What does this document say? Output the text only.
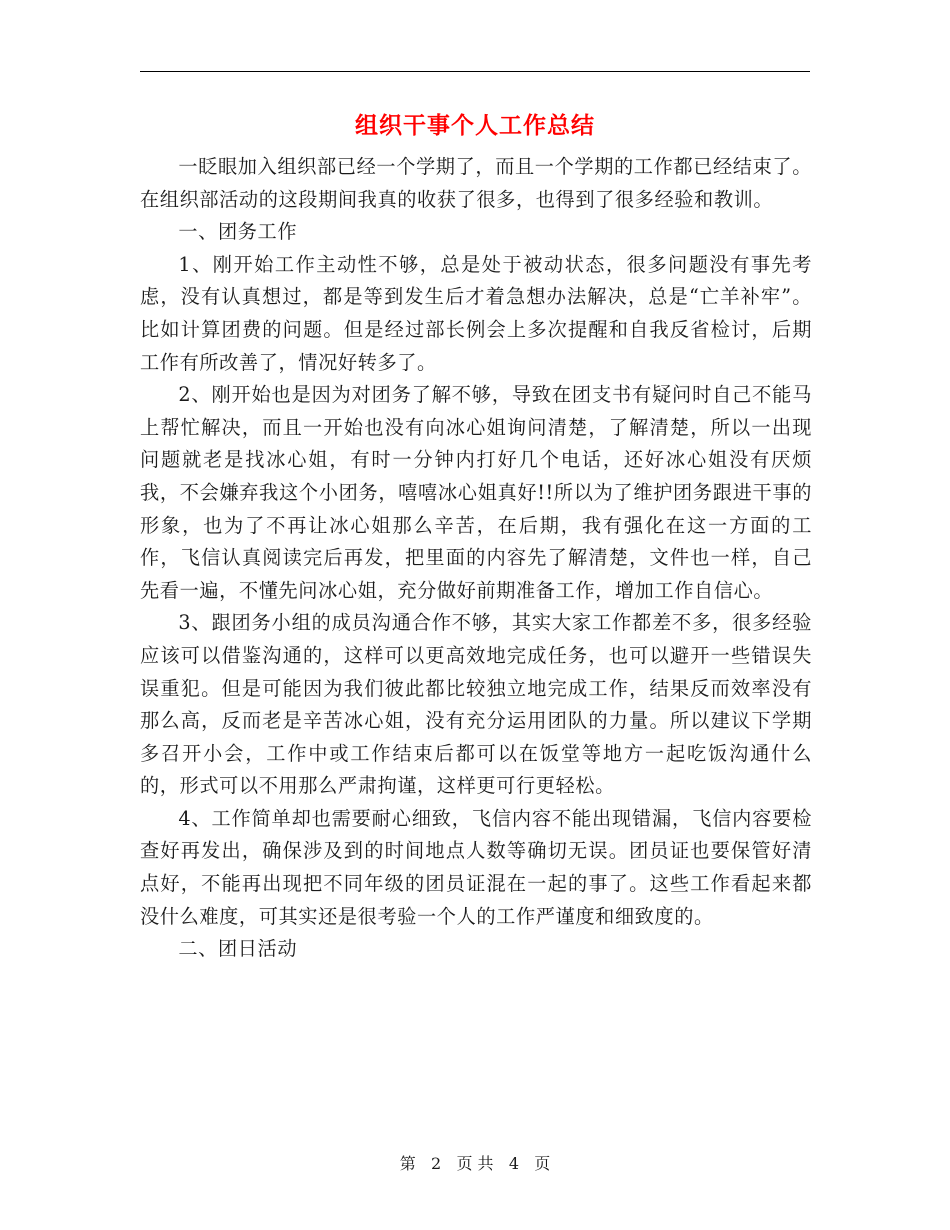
组织干事个人工作总结

一眨眼加入组织部已经一个学期了，而且一个学期的工作都已经结束了。在组织部活动的这段期间我真的收获了很多，也得到了很多经验和教训。

一、团务工作

1、刚开始工作主动性不够，总是处于被动状态，很多问题没有事先考虑，没有认真想过，都是等到发生后才着急想办法解决，总是“亡羊补牢”。比如计算团费的问题。但是经过部长例会上多次提醒和自我反省检讨，后期工作有所改善了，情况好转多了。

2、刚开始也是因为对团务了解不够，导致在团支书有疑问时自己不能马上帮忙解决，而且一开始也没有向冰心姐询问清楚，了解清楚，所以一出现问题就老是找冰心姐，有时一分钟内打好几个电话，还好冰心姐没有厌烦我，不会嫌弃我这个小团务，嘻嘻冰心姐真好!!所以为了维护团务跟进干事的形象，也为了不再让冰心姐那么辛苦，在后期，我有强化在这一方面的工作，飞信认真阅读完后再发，把里面的内容先了解清楚，文件也一样，自己先看一遍，不懂先问冰心姐，充分做好前期准备工作，增加工作自信心。

3、跟团务小组的成员沟通合作不够，其实大家工作都差不多，很多经验应该可以借鉴沟通的，这样可以更高效地完成任务，也可以避开一些错误失误重犯。但是可能因为我们彼此都比较独立地完成工作，结果反而效率没有那么高，反而老是辛苦冰心姐，没有充分运用团队的力量。所以建议下学期多召开小会，工作中或工作结束后都可以在饭堂等地方一起吃饭沟通什么的，形式可以不用那么严肃拘谨，这样更可行更轻松。

4、工作简单却也需要耐心细致，飞信内容不能出现错漏，飞信内容要检查好再发出，确保涉及到的时间地点人数等确切无误。团员证也要保管好清点好，不能再出现把不同年级的团员证混在一起的事了。这些工作看起来都没什么难度，可其实还是很考验一个人的工作严谨度和细致度的。

二、团日活动

第 2 页 共 4 页
